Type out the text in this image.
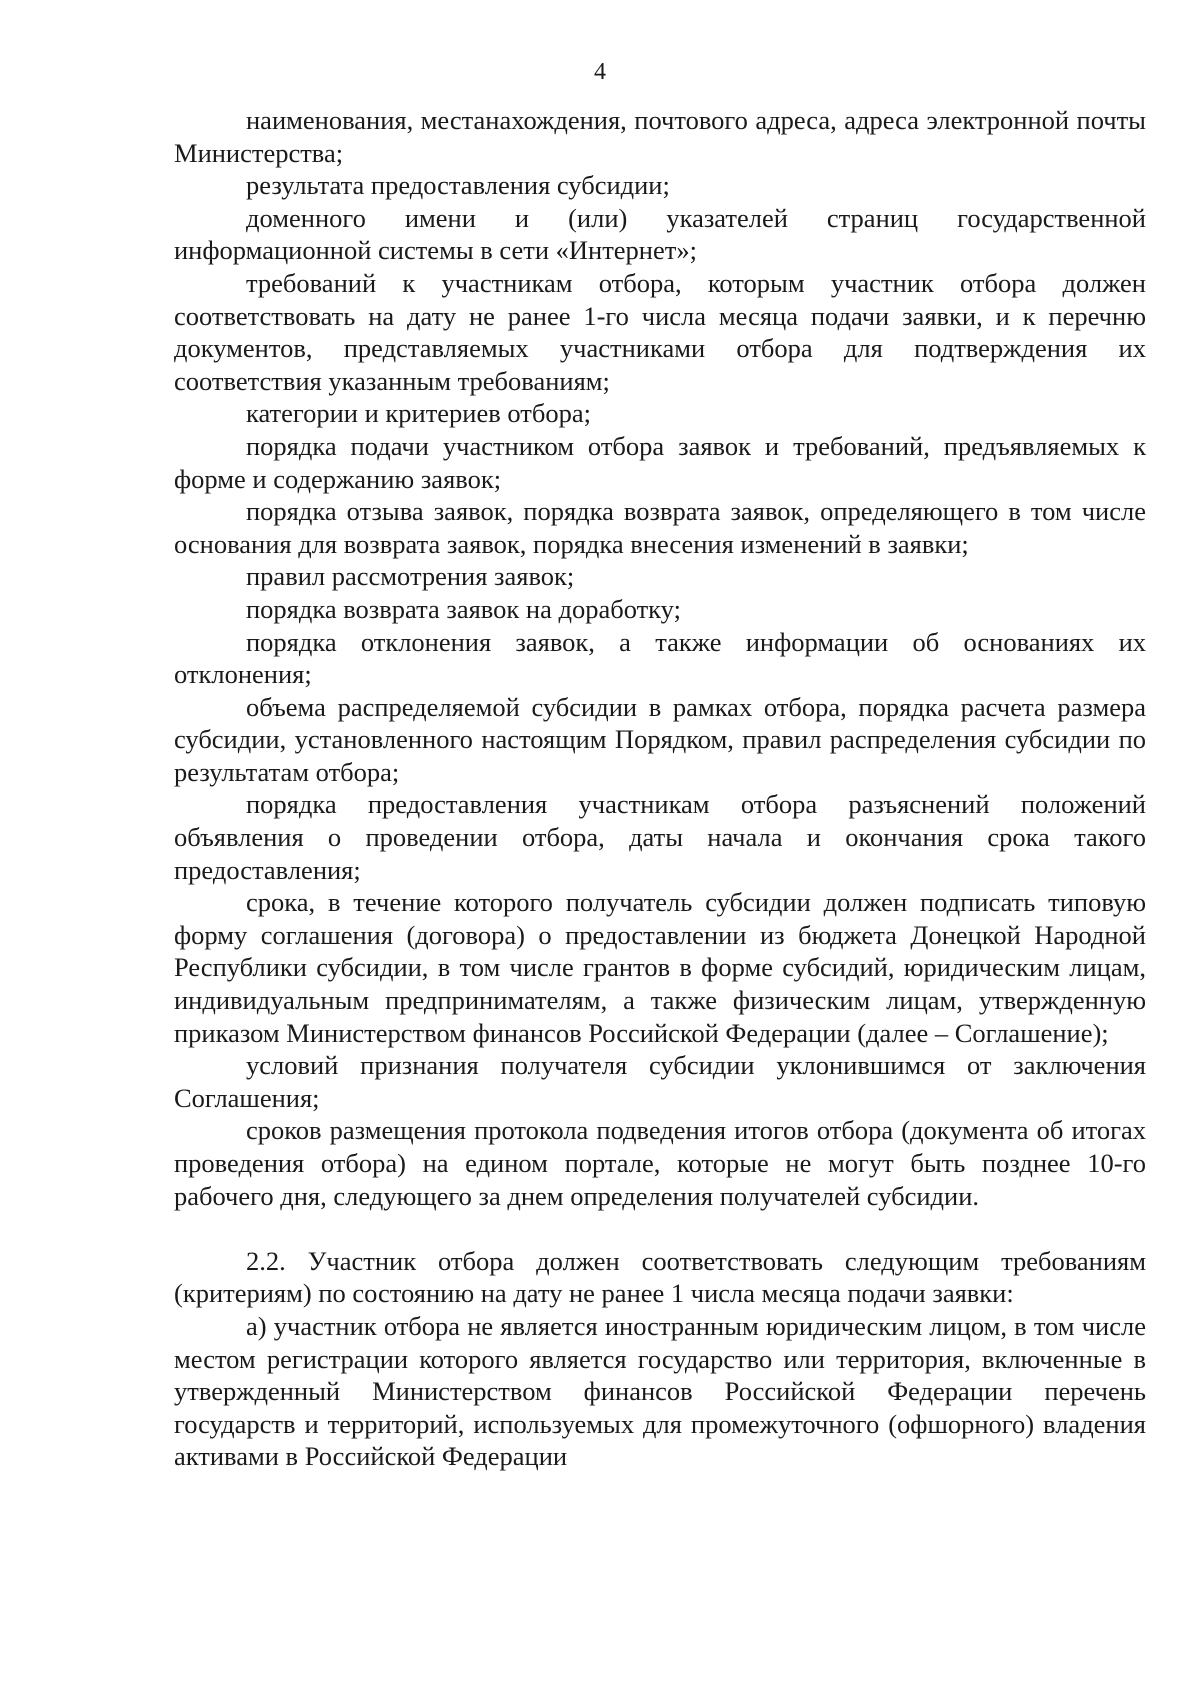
4

наименования, местанахождения, почтового адреса, адреса электронной почты Министерства;

результата предоставления субсидии;

доменного имени и (или) указателей страниц государственной информационной системы в сети «Интернет»;

требований к участникам отбора, которым участник отбора должен соответствовать на дату не ранее 1-го числа месяца подачи заявки, и к перечню документов, представляемых участниками отбора для подтверждения их соответствия указанным требованиям;

категории и критериев отбора;

порядка подачи участником отбора заявок и требований, предъявляемых к форме и содержанию заявок;

порядка отзыва заявок, порядка возврата заявок, определяющего в том числе основания для возврата заявок, порядка внесения изменений в заявки;

правил рассмотрения заявок;

порядка возврата заявок на доработку;

порядка отклонения заявок, а также информации об основаниях их отклонения;

объема распределяемой субсидии в рамках отбора, порядка расчета размера субсидии, установленного настоящим Порядком, правил распределения субсидии по результатам отбора;

порядка предоставления участникам отбора разъяснений положений объявления о проведении отбора, даты начала и окончания срока такого предоставления;

срока, в течение которого получатель субсидии должен подписать типовую форму соглашения (договора) о предоставлении из бюджета Донецкой Народной Республики субсидии, в том числе грантов в форме субсидий, юридическим лицам, индивидуальным предпринимателям, а также физическим лицам, утвержденную приказом Министерством финансов Российской Федерации (далее – Соглашение);

условий признания получателя субсидии уклонившимся от заключения Соглашения;

сроков размещения протокола подведения итогов отбора (документа об итогах проведения отбора) на едином портале, которые не могут быть позднее 10-го рабочего дня, следующего за днем определения получателей субсидии.

2.2. Участник отбора должен соответствовать следующим требованиям (критериям) по состоянию на дату не ранее 1 числа месяца подачи заявки:

а) участник отбора не является иностранным юридическим лицом, в том числе местом регистрации которого является государство или территория, включенные в утвержденный Министерством финансов Российской Федерации перечень государств и территорий, используемых для промежуточного (офшорного) владения активами в Российской Федерации
